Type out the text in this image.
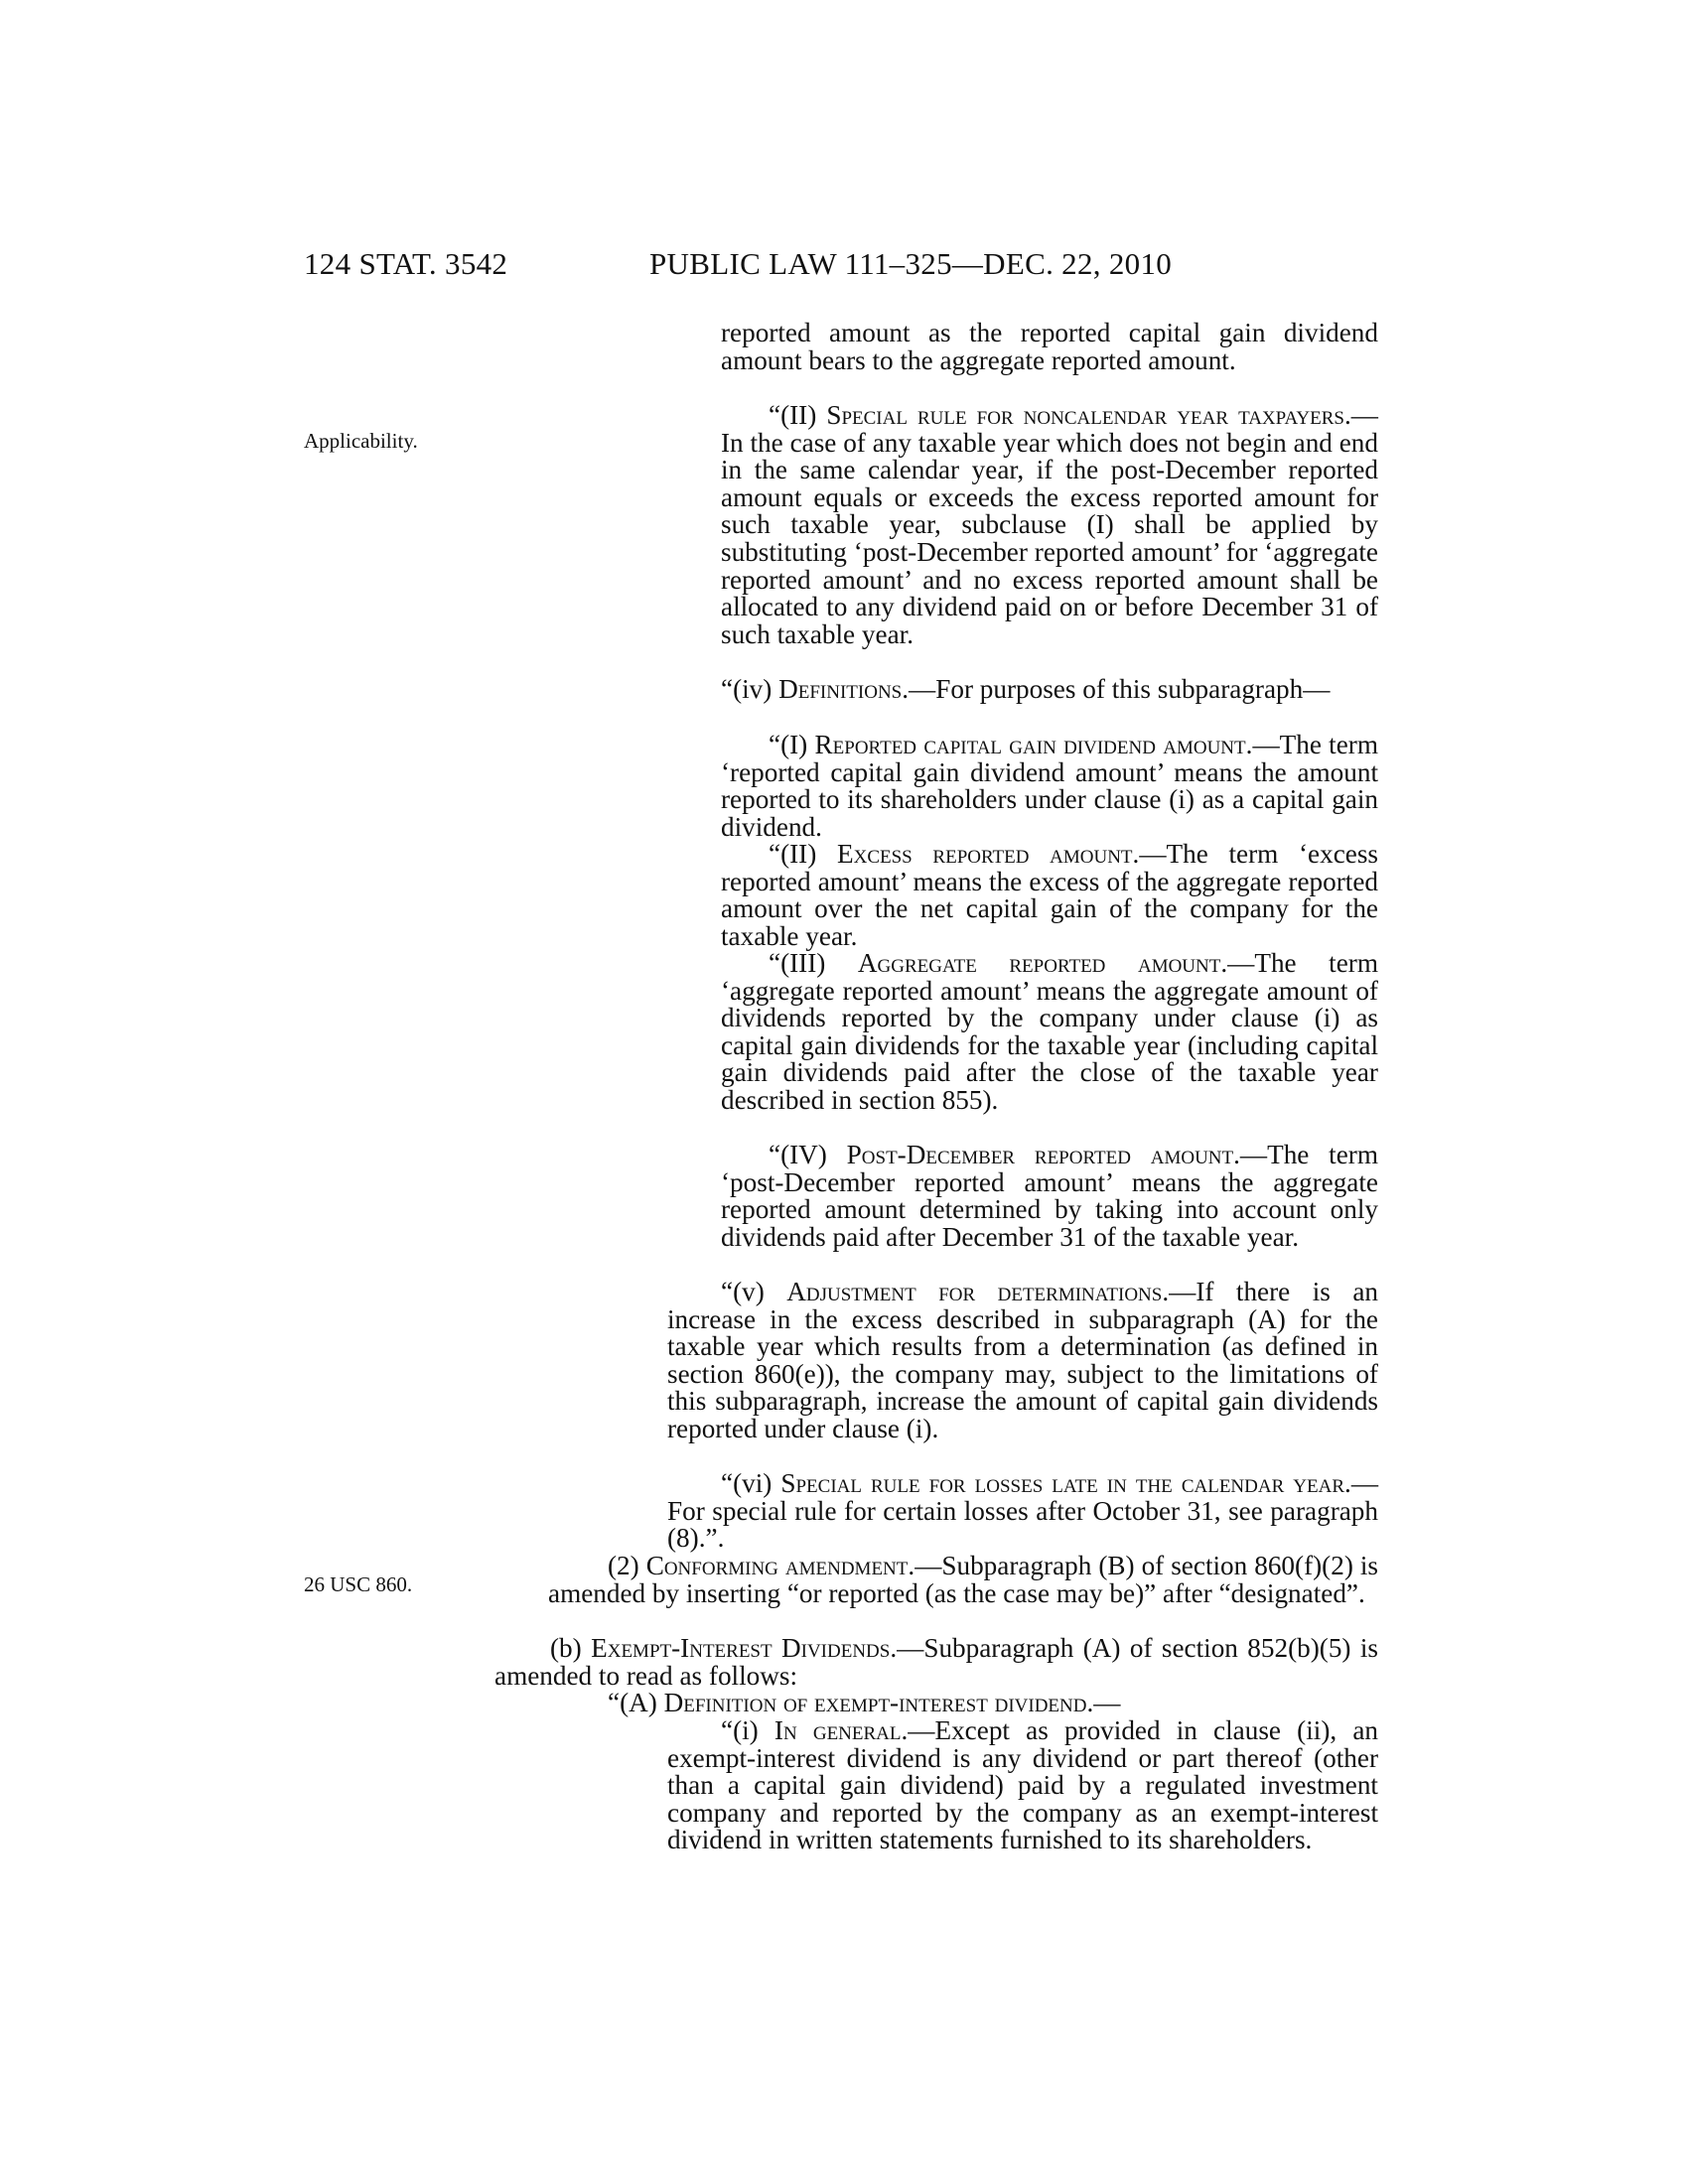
124 STAT. 3542	PUBLIC LAW 111–325—DEC. 22, 2010
Applicability.
26 USC 860.
reported amount as the reported capital gain dividend amount bears to the aggregate reported amount.
“(II) Special rule for noncalendar year taxpayers.—In the case of any taxable year which does not begin and end in the same calendar year, if the post-December reported amount equals or exceeds the excess reported amount for such taxable year, subclause (I) shall be applied by substituting ‘post-December reported amount’ for ‘aggregate reported amount’ and no excess reported amount shall be allocated to any dividend paid on or before December 31 of such taxable year.
“(iv) Definitions.—For purposes of this subparagraph—
“(I) Reported capital gain dividend amount.—The term ‘reported capital gain dividend amount’ means the amount reported to its shareholders under clause (i) as a capital gain dividend.
“(II) Excess reported amount.—The term ‘excess reported amount’ means the excess of the aggregate reported amount over the net capital gain of the company for the taxable year.
“(III) Aggregate reported amount.—The term ‘aggregate reported amount’ means the aggregate amount of dividends reported by the company under clause (i) as capital gain dividends for the taxable year (including capital gain dividends paid after the close of the taxable year described in section 855).
“(IV) Post-December reported amount.—The term ‘post-December reported amount’ means the aggregate reported amount determined by taking into account only dividends paid after December 31 of the taxable year.
“(v) Adjustment for determinations.—If there is an increase in the excess described in subparagraph (A) for the taxable year which results from a determination (as defined in section 860(e)), the company may, subject to the limitations of this subparagraph, increase the amount of capital gain dividends reported under clause (i).
“(vi) Special rule for losses late in the calendar year.—For special rule for certain losses after October 31, see paragraph (8).”.
(2) Conforming amendment.—Subparagraph (B) of section 860(f)(2) is amended by inserting “or reported (as the case may be)” after “designated”.
(b) Exempt-Interest Dividends.—Subparagraph (A) of section 852(b)(5) is amended to read as follows:
“(A) Definition of exempt-interest dividend.—
“(i) In general.—Except as provided in clause (ii), an exempt-interest dividend is any dividend or part thereof (other than a capital gain dividend) paid by a regulated investment company and reported by the company as an exempt-interest dividend in written statements furnished to its shareholders.
